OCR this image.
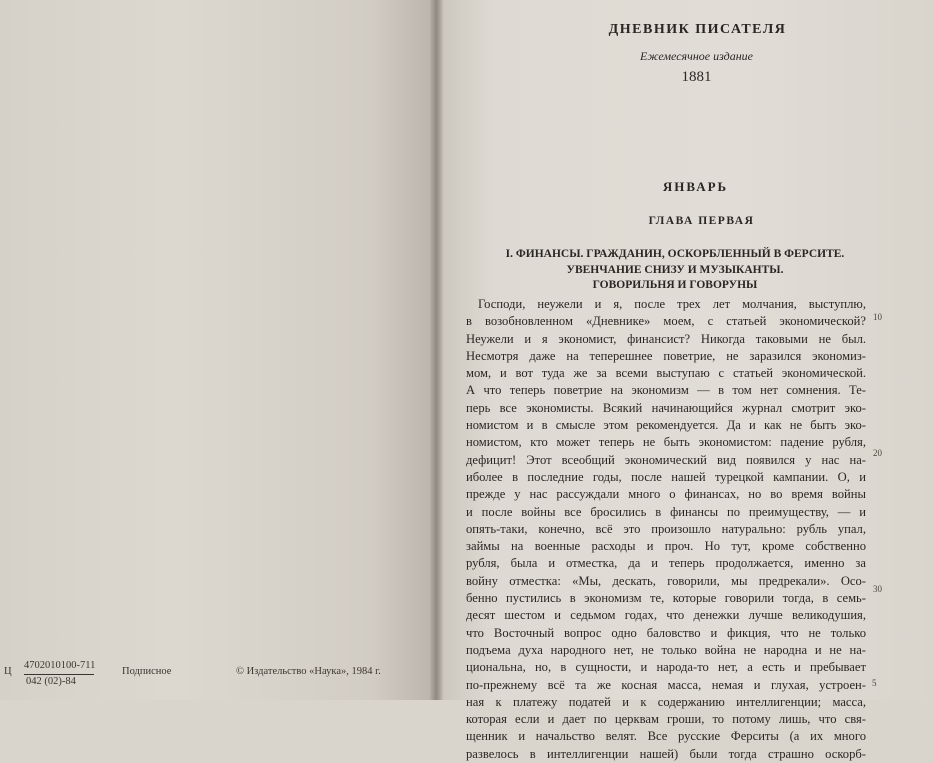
Ц
4702010100-711
042 (02)-84
Подписное	© Издательство «Наука», 1984 г.
ДНЕВНИК ПИСАТЕЛЯ
Ежемесячное издание
1881
ЯНВАРЬ
ГЛАВА ПЕРВАЯ
I. ФИНАНСЫ. ГРАЖДАНИН, ОСКОРБЛЕННЫЙ В ФЕРСИТЕ.
УВЕНЧАНИЕ СНИЗУ И МУЗЫКАНТЫ.
ГОВОРИЛЬНЯ И ГОВОРУНЫ
Господи, неужели и я, после трех лет молчания, выступлю,
в возобновленном «Дневнике» моем, с статьей экономической?
Неужели и я экономист, финансист? Никогда таковыми не был.
Несмотря даже на теперешнее поветрие, не заразился экономиз-
мом, и вот туда же за всеми выступаю с статьей экономической.
А что теперь поветрие на экономизм — в том нет сомнения. Те-
перь все экономисты. Всякий начинающийся журнал смотрит эко-
номистом и в смысле этом рекомендуется. Да и как не быть эко-
номистом, кто может теперь не быть экономистом: падение рубля,
дефицит! Этот всеобщий экономический вид появился у нас на-
иболее в последние годы, после нашей турецкой кампании. О, и
прежде у нас рассуждали много о финансах, но во время войны
и после войны все бросились в финансы по преимуществу, — и
опять-таки, конечно, всё это произошло натурально: рубль упал,
займы на военные расходы и проч. Но тут, кроме собственно
рубля, была и отместка, да и теперь продолжается, именно за
войну отместка: «Мы, дескать, говорили, мы предрекали». Осо-
бенно пустились в экономизм те, которые говорили тогда, в семь-
десят шестом и седьмом годах, что денежки лучше великодушия,
что Восточный вопрос одно баловство и фикция, что не только
подъема духа народного нет, не только война не народна и не на-
циональна, но, в сущности, и народа-то нет, а есть и пребывает
по-прежнему всё та же косная масса, немая и глухая, устроен-
ная к платежу податей и к содержанию интеллигенции; масса,
которая если и дает по церквам гроши, то потому лишь, что свя-
щенник и начальство велят. Все русские Ферситы (а их много
развелось в интеллигенции нашей) были тогда страшно оскорб-
10
20
30
5
